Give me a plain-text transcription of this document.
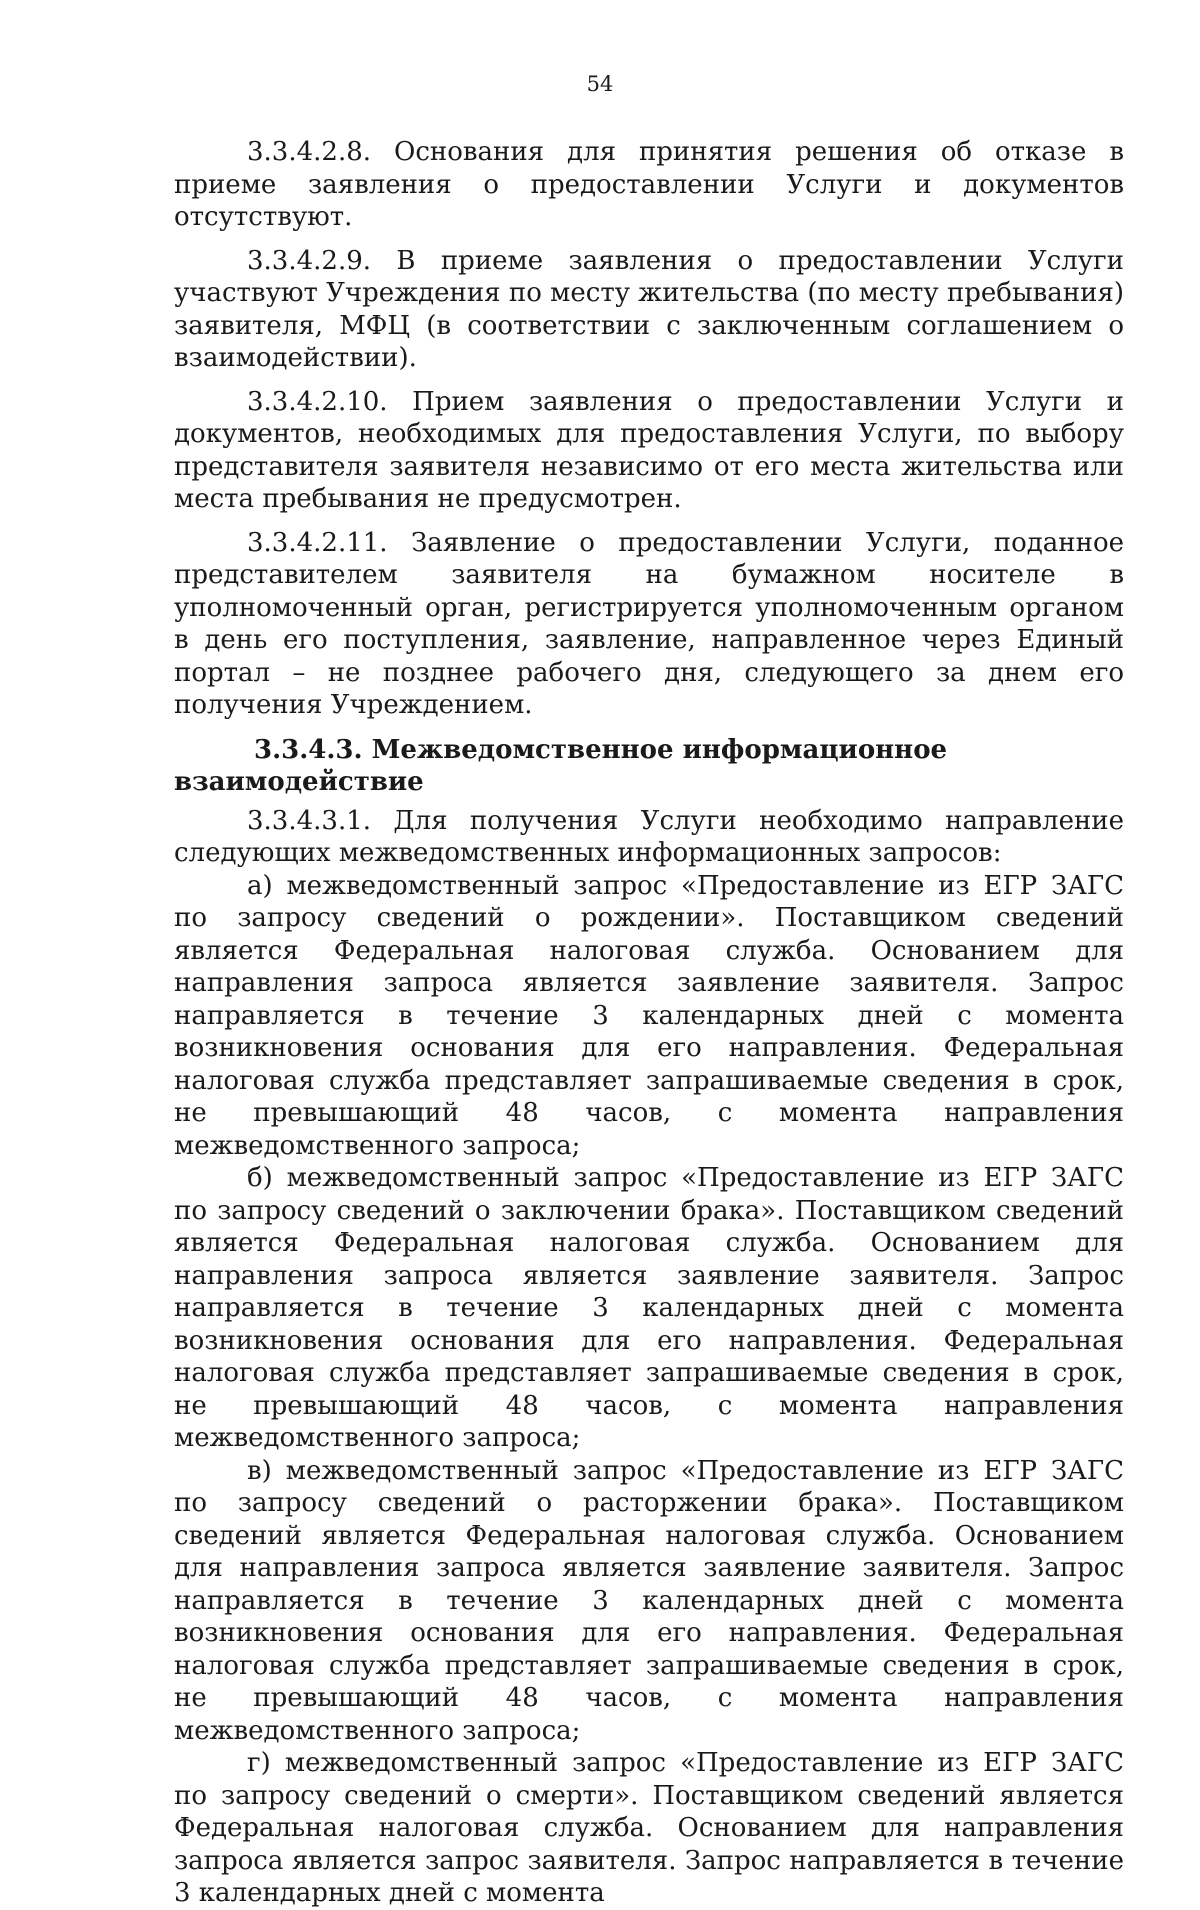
54

3.3.4.2.8. Основания для принятия решения об отказе в приеме заявления о предоставлении Услуги и документов отсутствуют.

3.3.4.2.9. В приеме заявления о предоставлении Услуги участвуют Учреждения по месту жительства (по месту пребывания) заявителя, МФЦ (в соответствии с заключенным соглашением о взаимодействии).

3.3.4.2.10. Прием заявления о предоставлении Услуги и документов, необходимых для предоставления Услуги, по выбору представителя заявителя независимо от его места жительства или места пребывания не предусмотрен.

3.3.4.2.11. Заявление о предоставлении Услуги, поданное представителем заявителя на бумажном носителе в уполномоченный орган, регистрируется уполномоченным органом в день его поступления, заявление, направленное через Единый портал – не позднее рабочего дня, следующего за днем его получения Учреждением.

3.3.4.3. Межведомственное информационное взаимодействие

3.3.4.3.1. Для получения Услуги необходимо направление следующих межведомственных информационных запросов:

а) межведомственный запрос «Предоставление из ЕГР ЗАГС по запросу сведений о рождении». Поставщиком сведений является Федеральная налоговая служба. Основанием для направления запроса является заявление заявителя. Запрос направляется в течение 3 календарных дней с момента возникновения основания для его направления. Федеральная налоговая служба представляет запрашиваемые сведения в срок, не превышающий 48 часов, с момента направления межведомственного запроса;

б) межведомственный запрос «Предоставление из ЕГР ЗАГС по запросу сведений о заключении брака». Поставщиком сведений является Федеральная налоговая служба. Основанием для направления запроса является заявление заявителя. Запрос направляется в течение 3 календарных дней с момента возникновения основания для его направления. Федеральная налоговая служба представляет запрашиваемые сведения в срок, не превышающий 48 часов, с момента направления межведомственного запроса;

в) межведомственный запрос «Предоставление из ЕГР ЗАГС по запросу сведений о расторжении брака». Поставщиком сведений является Федеральная налоговая служба. Основанием для направления запроса является заявление заявителя. Запрос направляется в течение 3 календарных дней с момента возникновения основания для его направления. Федеральная налоговая служба представляет запрашиваемые сведения в срок, не превышающий 48 часов, с момента направления межведомственного запроса;

г) межведомственный запрос «Предоставление из ЕГР ЗАГС по запросу сведений о смерти». Поставщиком сведений является Федеральная налоговая служба. Основанием для направления запроса является запрос заявителя. Запрос направляется в течение 3 календарных дней с момента
